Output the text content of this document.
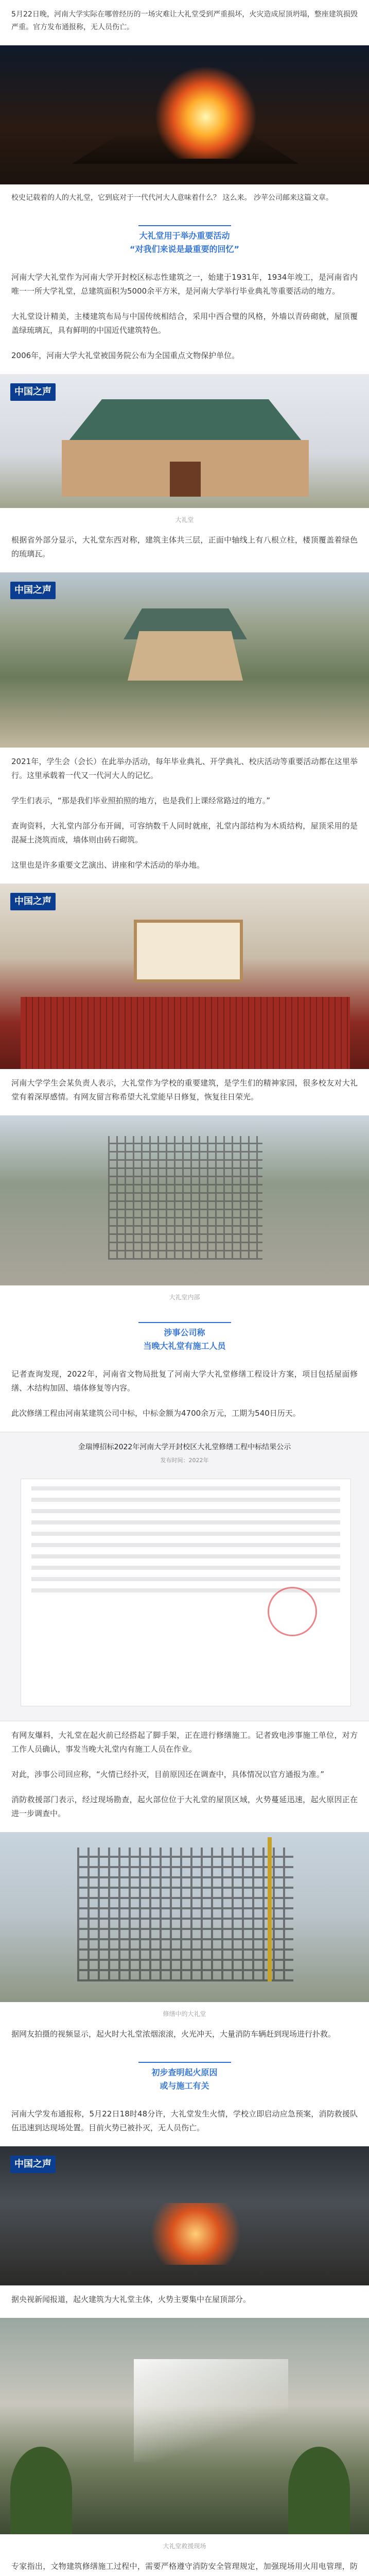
5月22日晚，河南大学实际在哪曾经历的一场灾难让大礼堂受到严重损坏，火灾造成屋顶坍塌，整座建筑损毁严重。官方发布通报称，无人员伤亡。

校史记载着的人的大礼堂，它到底对于一代代河大人意味着什么？ 这么来。 沙苹公司邮来这篇文章。

大礼堂用于举办重要活动
“对我们来说是最重要的回忆”

河南大学大礼堂作为河南大学开封校区标志性建筑之一，始建于1931年，1934年竣工，是河南省内唯一一所大学礼堂，总建筑面积为5000余平方米，是河南大学举行毕业典礼等重要活动的地方。

大礼堂设计精美，主楼建筑布局与中国传统相结合，采用中西合璧的风格，外墙以青砖砌就，屋顶覆盖绿琉璃瓦，具有鲜明的中国近代建筑特色。

2006年，河南大学大礼堂被国务院公布为全国重点文物保护单位。

中国之声
大礼堂

根据省外部分显示，大礼堂东西对称，建筑主体共三层，正面中轴线上有八根立柱，楼顶覆盖着绿色的琉璃瓦。

中国之声

2021年，学生会（会长）在此举办活动，每年毕业典礼、开学典礼、校庆活动等重要活动都在这里举行。这里承载着一代又一代河大人的记忆。

学生们表示，“那是我们毕业照拍照的地方，也是我们上课经常路过的地方。”

查询资料，大礼堂内部分布开阔，可容纳数千人同时就座，礼堂内部结构为木质结构，屋顶采用的是混凝土浇筑而成，墙体则由砖石砌筑。

这里也是许多重要文艺演出、讲座和学术活动的举办地。

中国之声

河南大学学生会某负责人表示，大礼堂作为学校的重要建筑，是学生们的精神家园，很多校友对大礼堂有着深厚感情。有网友留言称希望大礼堂能早日修复，恢复往日荣光。

大礼堂内部
涉事公司称
当晚大礼堂有施工人员

记者查询发现，2022年，河南省文物局批复了河南大学大礼堂修缮工程设计方案，项目包括屋面修缮、木结构加固、墙体修复等内容。

此次修缮工程由河南某建筑公司中标，中标金额为4700余万元，工期为540日历天。

金瑞博招标2022年河南大学开封校区大礼堂修缮工程中标结果公示
发布时间：2022年

有网友爆料，大礼堂在起火前已经搭起了脚手架，正在进行修缮施工。记者致电涉事施工单位，对方工作人员确认，事发当晚大礼堂内有施工人员在作业。

对此，涉事公司回应称，“火情已经扑灭，目前原因还在调查中，具体情况以官方通报为准。”

消防救援部门表示，经过现场勘查，起火部位位于大礼堂的屋顶区域，火势蔓延迅速，起火原因正在进一步调查中。

修缮中的大礼堂

据网友拍摄的视频显示，起火时大礼堂浓烟滚滚，火光冲天，大量消防车辆赶到现场进行扑救。

初步查明起火原因
或与施工有关

河南大学发布通报称，5月22日18时48分许，大礼堂发生火情，学校立即启动应急预案，消防救援队伍迅速到达现场处置。目前火势已被扑灭，无人员伤亡。

中国之声

据央视新闻报道，起火建筑为大礼堂主体，火势主要集中在屋顶部分。

大礼堂救援现场

专家指出，文物建筑修缮施工过程中，需要严格遵守消防安全管理规定，加强现场用火用电管理，防
